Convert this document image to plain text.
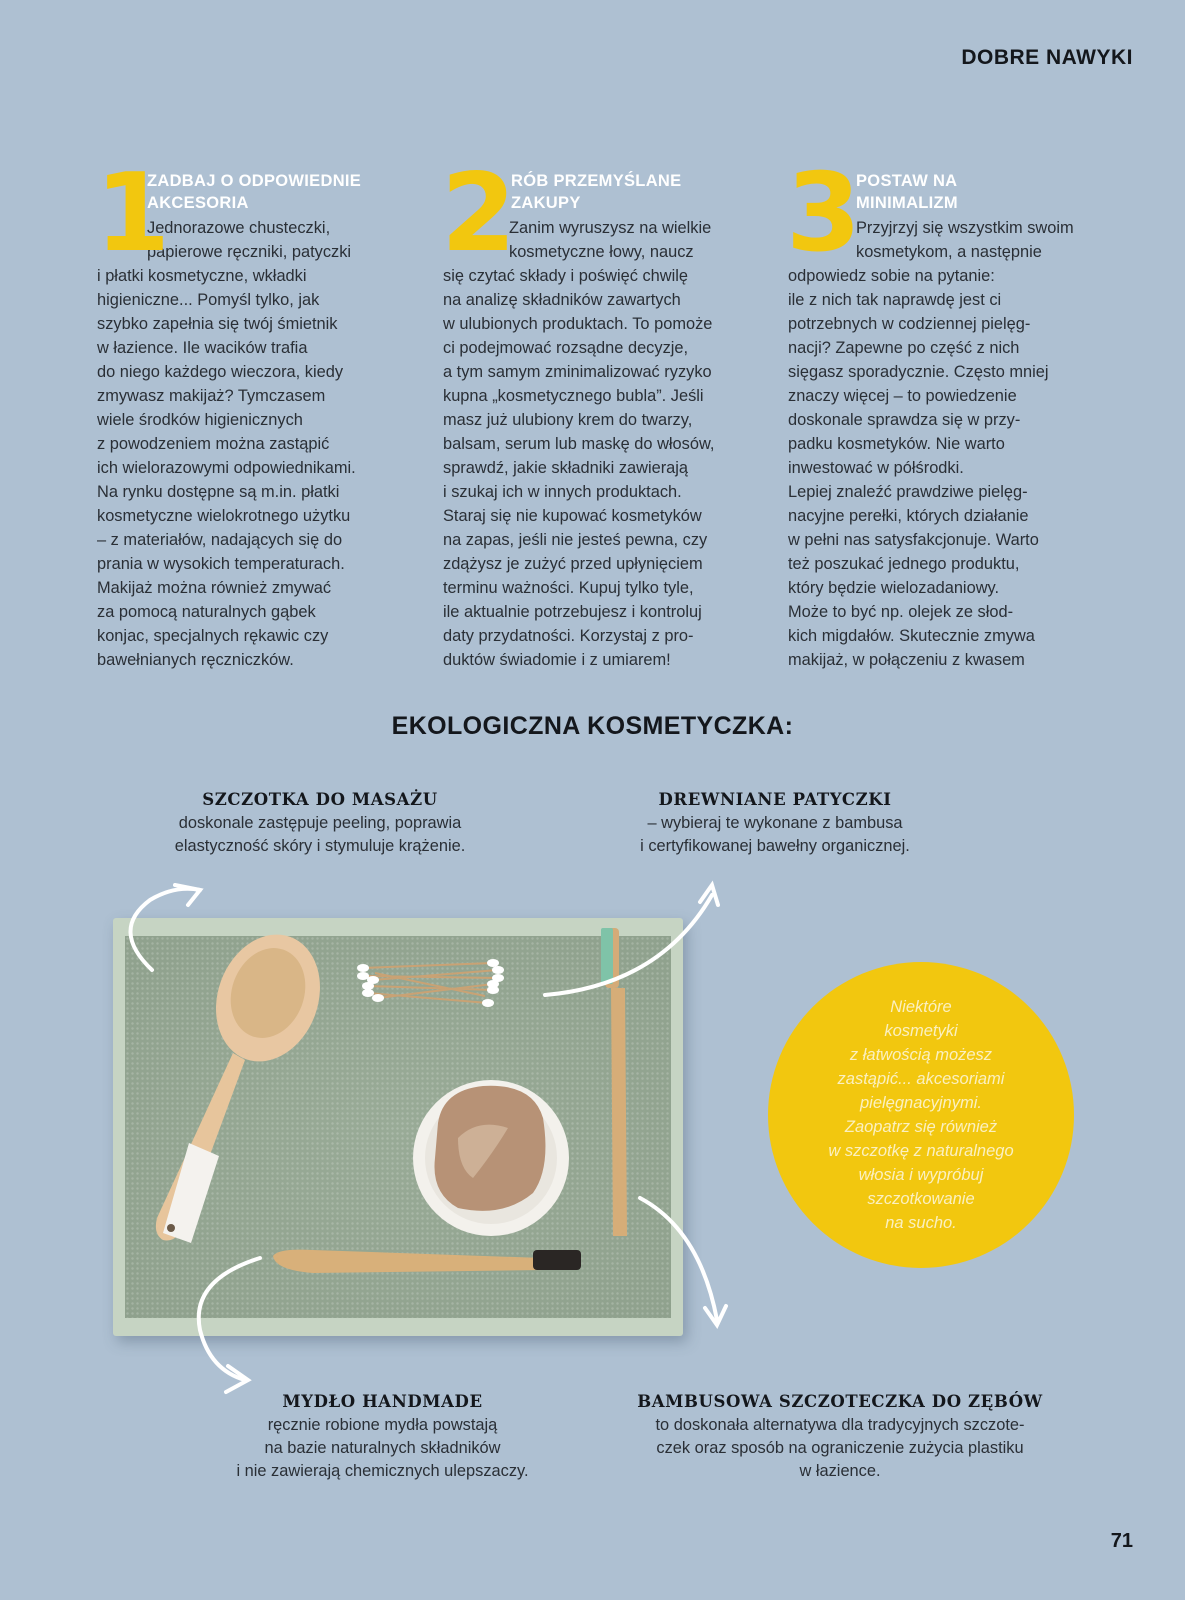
DOBRE NAWYKI
1
ZADBAJ O ODPOWIEDNIE
AKCESORIA
Jednorazowe chusteczki,
papierowe ręczniki, patyczki
i płatki kosmetyczne, wkładki
higieniczne... Pomyśl tylko, jak
szybko zapełnia się twój śmietnik
w łazience. Ile wacików trafia
do niego każdego wieczora, kiedy
zmywasz makijaż? Tymczasem
wiele środków higienicznych
z powodzeniem można zastąpić
ich wielorazowymi odpowiednikami.
Na rynku dostępne są m.in. płatki
kosmetyczne wielokrotnego użytku
– z materiałów, nadających się do
prania w wysokich temperaturach.
Makijaż można również zmywać
za pomocą naturalnych gąbek
konjac, specjalnych rękawic czy
bawełnianych ręczniczków.
2
RÓB PRZEMYŚLANE
ZAKUPY
Zanim wyruszysz na wielkie
kosmetyczne łowy, naucz
się czytać składy i poświęć chwilę
na analizę składników zawartych
w ulubionych produktach. To pomoże
ci podejmować rozsądne decyzje,
a tym samym zminimalizować ryzyko
kupna „kosmetycznego bubla”. Jeśli
masz już ulubiony krem do twarzy,
balsam, serum lub maskę do włosów,
sprawdź, jakie składniki zawierają
i szukaj ich w innych produktach.
Staraj się nie kupować kosmetyków
na zapas, jeśli nie jesteś pewna, czy
zdążysz je zużyć przed upłynięciem
terminu ważności. Kupuj tylko tyle,
ile aktualnie potrzebujesz i kontroluj
daty przydatności. Korzystaj z pro-
duktów świadomie i z umiarem!
3
POSTAW NA
MINIMALIZM
Przyjrzyj się wszystkim swoim
kosmetykom, a następnie
odpowiedz sobie na pytanie:
ile z nich tak naprawdę jest ci
potrzebnych w codziennej pielęg-
nacji? Zapewne po część z nich
sięgasz sporadycznie. Często mniej
znaczy więcej – to powiedzenie
doskonale sprawdza się w przy-
padku kosmetyków. Nie warto
inwestować w półśrodki.
Lepiej znaleźć prawdziwe pielęg-
nacyjne perełki, których działanie
w pełni nas satysfakcjonuje. Warto
też poszukać jednego produktu,
który będzie wielozadaniowy.
Może to być np. olejek ze słod-
kich migdałów. Skutecznie zmywa
makijaż, w połączeniu z kwasem
EKOLOGICZNA KOSMETYCZKA:
SZCZOTKA DO MASAŻU
doskonale zastępuje peeling, poprawia
elastyczność skóry i stymuluje krążenie.
DREWNIANE PATYCZKI
– wybieraj te wykonane z bambusa
i certyfikowanej bawełny organicznej.
MYDŁO HANDMADE
ręcznie robione mydła powstają
na bazie naturalnych składników
i nie zawierają chemicznych ulepszaczy.
BAMBUSOWA SZCZOTECZKA DO ZĘBÓW
to doskonała alternatywa dla tradycyjnych szczote-
czek oraz sposób na ograniczenie zużycia plastiku
w łazience.
Niektóre
kosmetyki
z łatwością możesz
zastąpić... akcesoriami
pielęgnacyjnymi.
Zaopatrz się również
w szczotkę z naturalnego
włosia i wypróbuj
szczotkowanie
na sucho.
71
